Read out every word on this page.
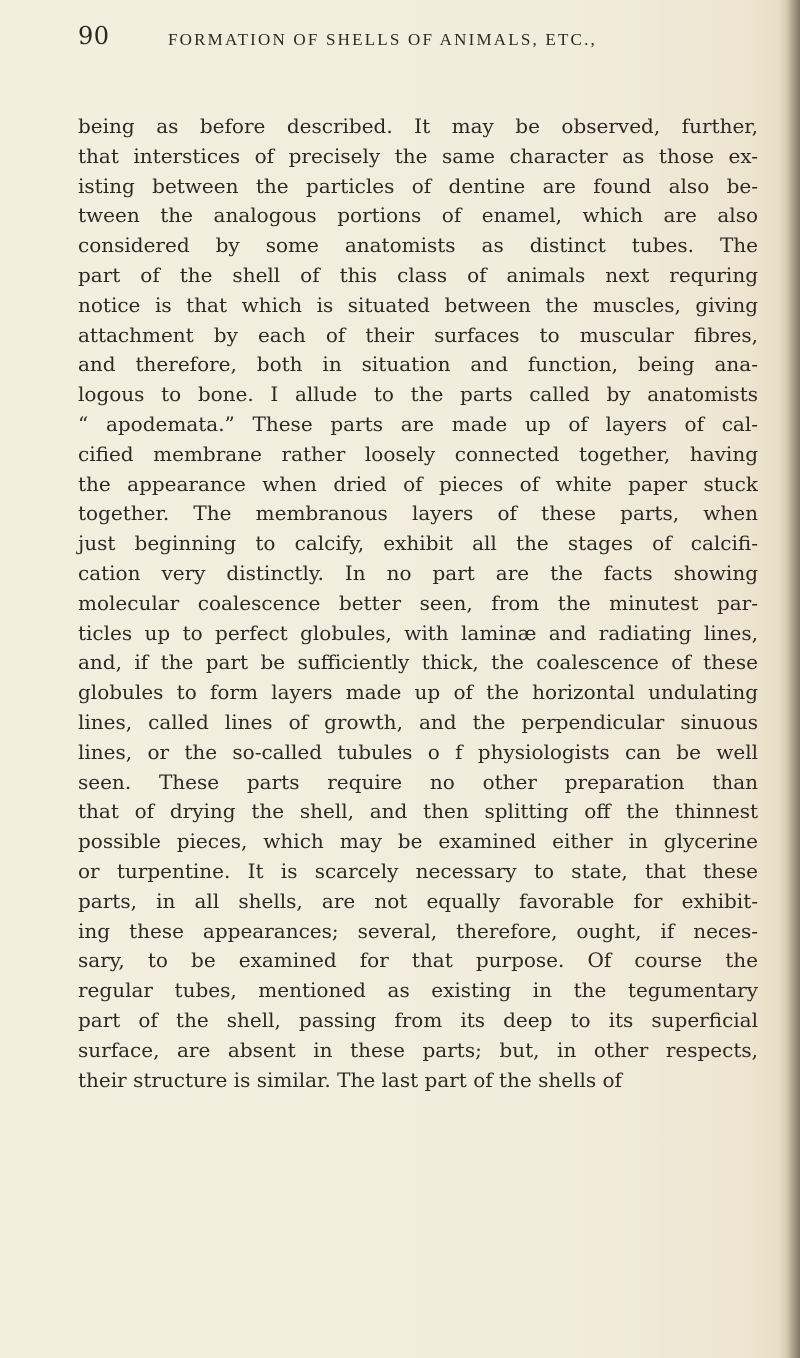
90	FORMATION OF SHELLS OF ANIMALS, ETC.,
being as before described. It may be observed, further,
that interstices of precisely the same character as those ex-
isting between the particles of dentine are found also be-
tween the analogous portions of enamel, which are also
considered by some anatomists as distinct tubes. The
part of the shell of this class of animals next requring
notice is that which is situated between the muscles, giving
attachment by each of their surfaces to muscular fibres,
and therefore, both in situation and function, being ana-
logous to bone. I allude to the parts called by anatomists
“ apodemata.” These parts are made up of layers of cal-
cified membrane rather loosely connected together, having
the appearance when dried of pieces of white paper stuck
together. The membranous layers of these parts, when
just beginning to calcify, exhibit all the stages of calcifi-
cation very distinctly. In no part are the facts showing
molecular coalescence better seen, from the minutest par-
ticles up to perfect globules, with laminæ and radiating lines,
and, if the part be sufficiently thick, the coalescence of these
globules to form layers made up of the horizontal undulating
lines, called lines of growth, and the perpendicular sinuous
lines, or the so-called tubules o f physiologists can be well
seen. These parts require no other preparation than
that of drying the shell, and then splitting off the thinnest
possible pieces, which may be examined either in glycerine
or turpentine. It is scarcely necessary to state, that these
parts, in all shells, are not equally favorable for exhibit-
ing these appearances; several, therefore, ought, if neces-
sary, to be examined for that purpose. Of course the
regular tubes, mentioned as existing in the tegumentary
part of the shell, passing from its deep to its superficial
surface, are absent in these parts; but, in other respects,
their structure is similar. The last part of the shells of
